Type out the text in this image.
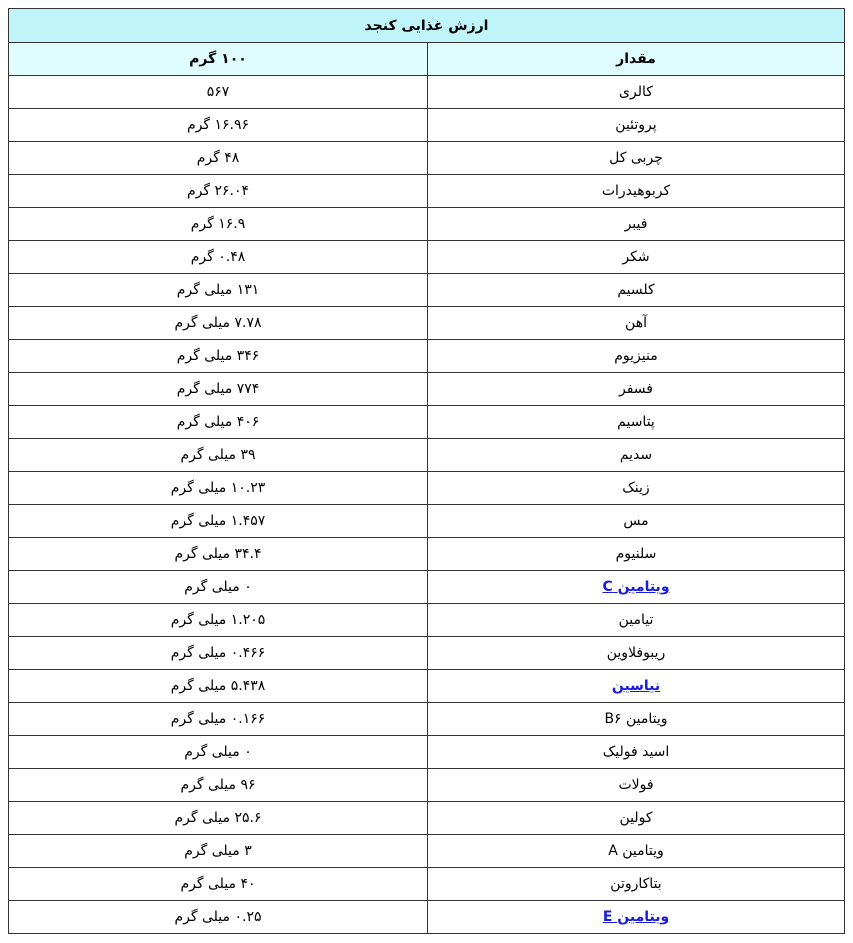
ارزش غذایی کنجد	
مقدار	۱۰۰ گرم
کالری	۵۶۷
پروتئین	۱۶.۹۶ گرم
چربی کل	۴۸ گرم
کربوهیدرات	۲۶.۰۴ گرم
فیبر	۱۶.۹ گرم
شکر	۰.۴۸ گرم
کلسیم	۱۳۱ میلی گرم
آهن	۷.۷۸ میلی گرم
منیزیوم	۳۴۶ میلی گرم
فسفر	۷۷۴ میلی گرم
پتاسیم	۴۰۶ میلی گرم
سدیم	۳۹ میلی گرم
زینک	۱۰.۲۳ میلی گرم
مس	۱.۴۵۷ میلی گرم
سلنیوم	۳۴.۴ میلی گرم
ویتامین C	۰ میلی گرم
تیامین	۱.۲۰۵ میلی گرم
ریبوفلاوین	۰.۴۶۶ میلی گرم
نیاسین	۵.۴۳۸ میلی گرم
ویتامین B۶	۰.۱۶۶ میلی گرم
اسید فولیک	۰ میلی گرم
فولات	۹۶ میلی گرم
کولین	۲۵.۶ میلی گرم
ویتامین A	۳ میلی گرم
بتاکاروتن	۴۰ میلی گرم
ویتامین E	۰.۲۵ میلی گرم
